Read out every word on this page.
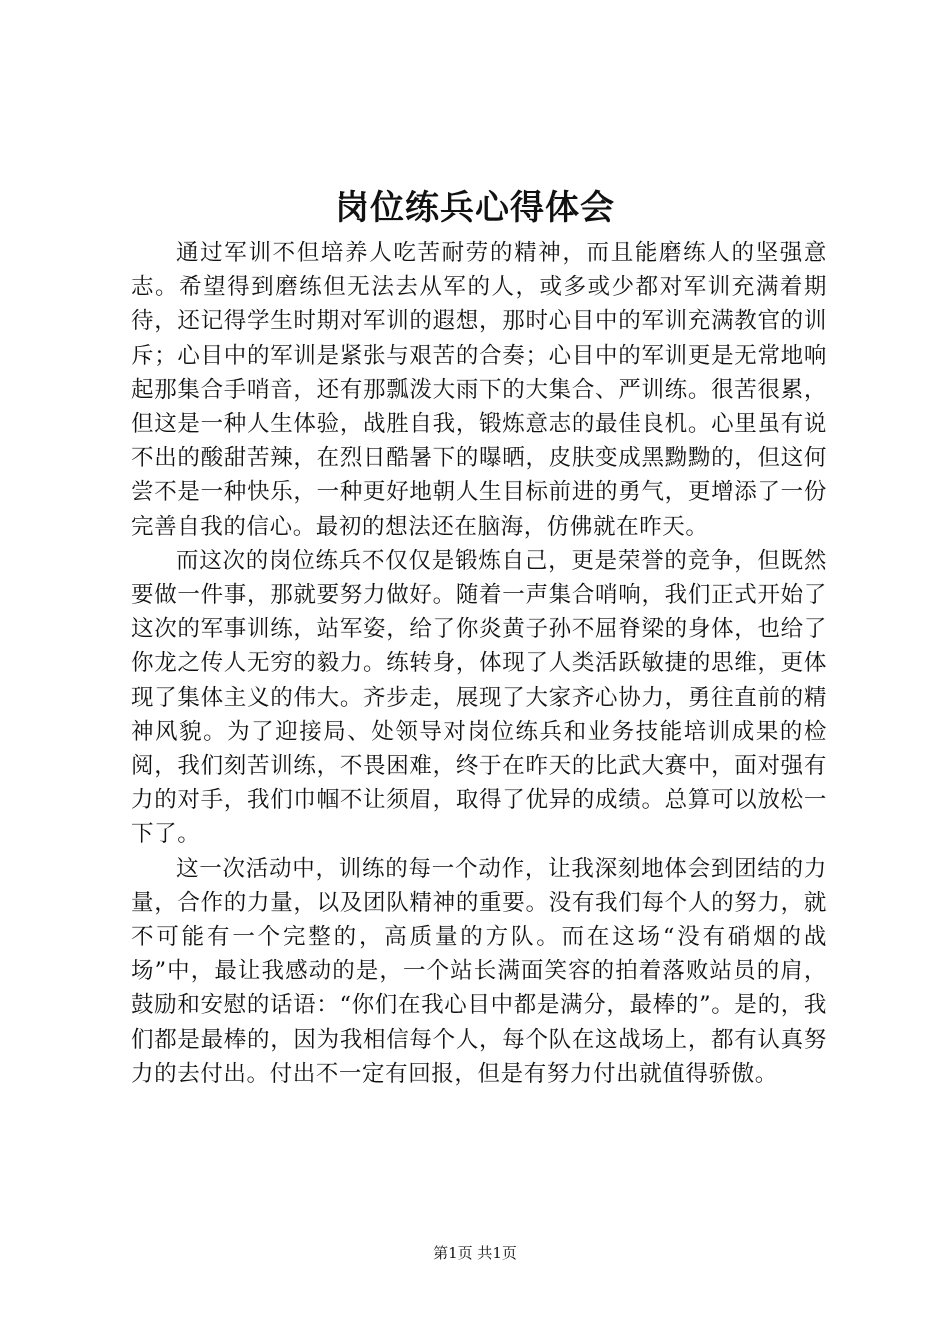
岗位练兵心得体会

通过军训不但培养人吃苦耐劳的精神，而且能磨练人的坚强意志。希望得到磨练但无法去从军的人，或多或少都对军训充满着期待，还记得学生时期对军训的遐想，那时心目中的军训充满教官的训斥；心目中的军训是紧张与艰苦的合奏；心目中的军训更是无常地响起那集合手哨音，还有那瓢泼大雨下的大集合、严训练。很苦很累，但这是一种人生体验，战胜自我，锻炼意志的最佳良机。心里虽有说不出的酸甜苦辣，在烈日酷暑下的曝晒，皮肤变成黑黝黝的，但这何尝不是一种快乐，一种更好地朝人生目标前进的勇气，更增添了一份完善自我的信心。最初的想法还在脑海，仿佛就在昨天。

而这次的岗位练兵不仅仅是锻炼自己，更是荣誉的竞争，但既然要做一件事，那就要努力做好。随着一声集合哨响，我们正式开始了这次的军事训练，站军姿，给了你炎黄子孙不屈脊梁的身体，也给了你龙之传人无穷的毅力。练转身，体现了人类活跃敏捷的思维，更体现了集体主义的伟大。齐步走，展现了大家齐心协力，勇往直前的精神风貌。为了迎接局、处领导对岗位练兵和业务技能培训成果的检阅，我们刻苦训练，不畏困难，终于在昨天的比武大赛中，面对强有力的对手，我们巾帼不让须眉，取得了优异的成绩。总算可以放松一下了。

这一次活动中，训练的每一个动作，让我深刻地体会到团结的力量，合作的力量，以及团队精神的重要。没有我们每个人的努力，就不可能有一个完整的，高质量的方队。而在这场“没有硝烟的战场”中，最让我感动的是，一个站长满面笑容的拍着落败站员的肩，鼓励和安慰的话语：“你们在我心目中都是满分，最棒的”。是的，我们都是最棒的，因为我相信每个人，每个队在这战场上，都有认真努力的去付出。付出不一定有回报，但是有努力付出就值得骄傲。

第1页 共1页
